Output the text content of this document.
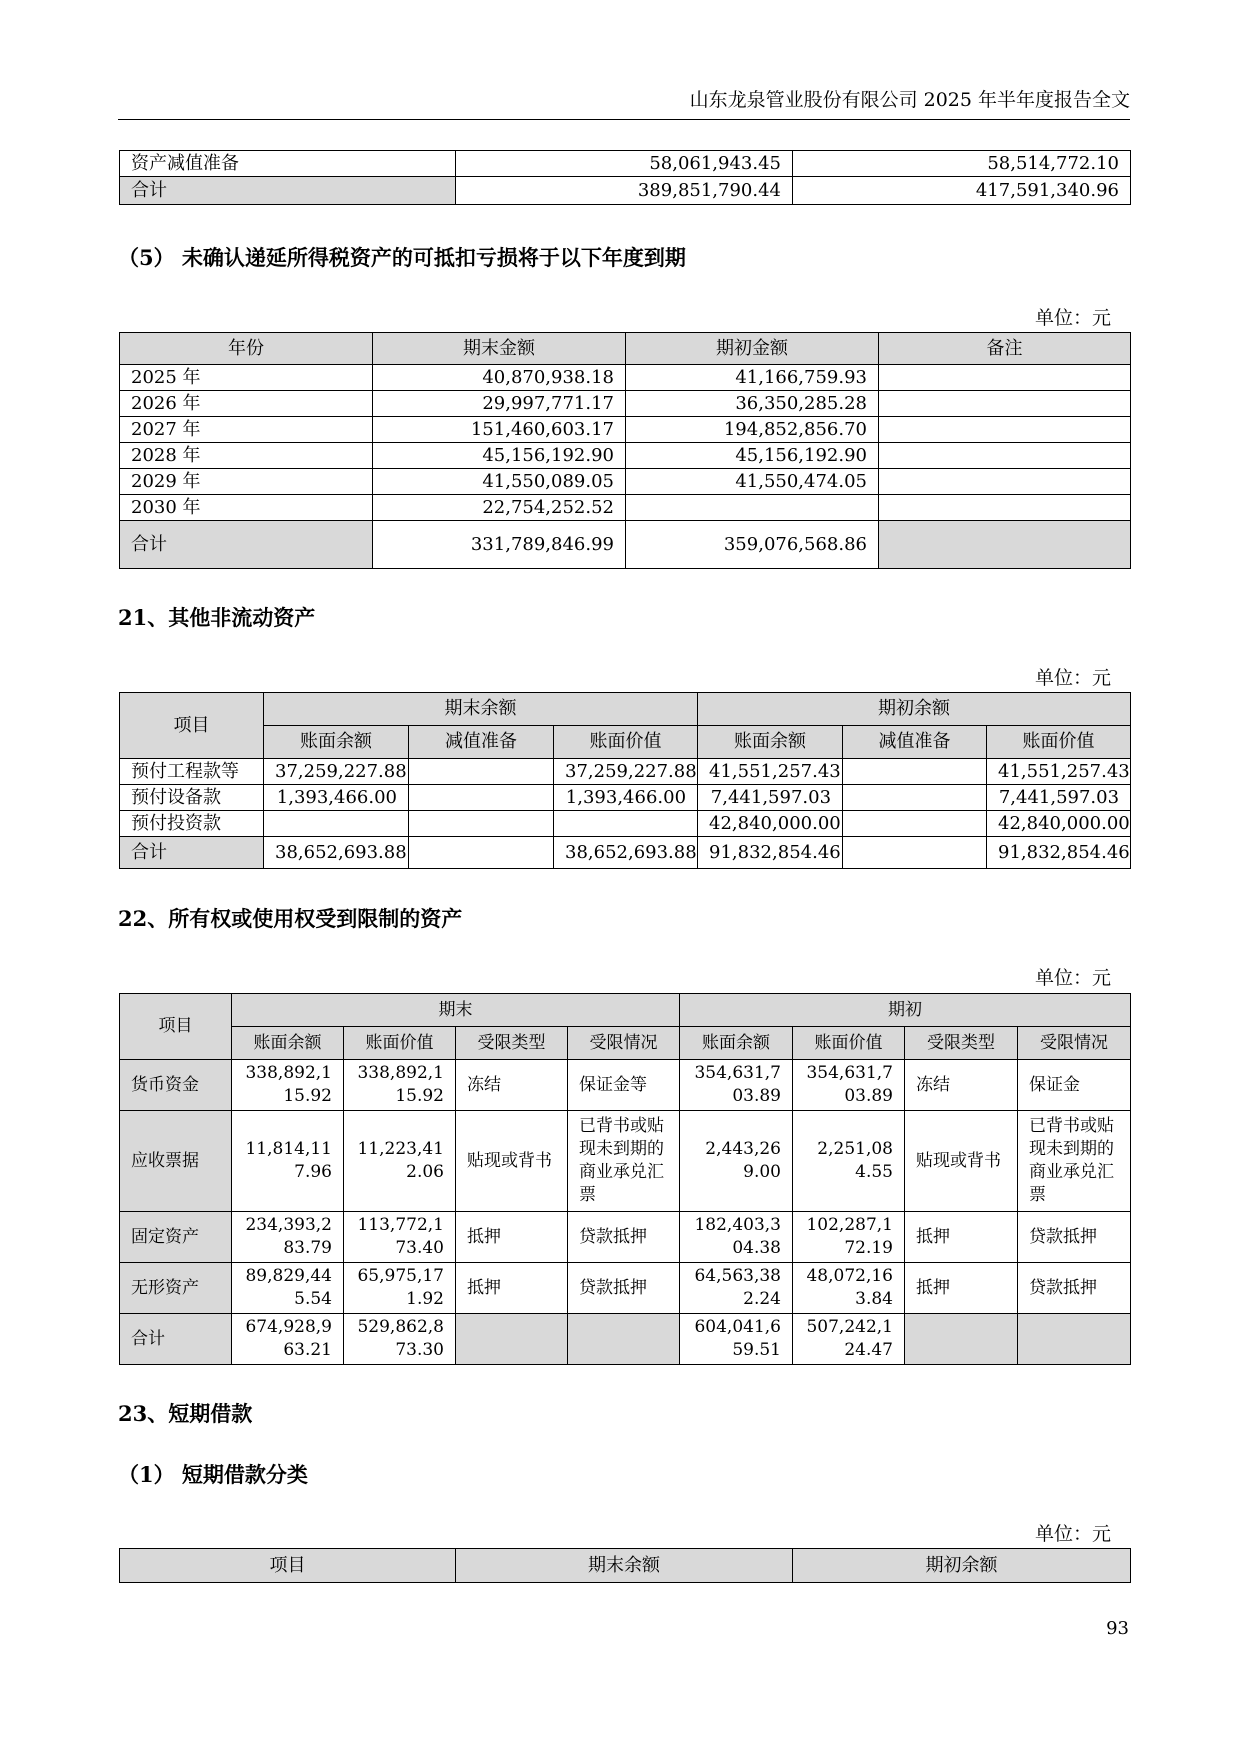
山东龙泉管业股份有限公司 2025 年半年度报告全文
资产减值准备	58,061,943.45	58,514,772.10
合计	389,851,790.44	417,591,340.96
（5） 未确认递延所得税资产的可抵扣亏损将于以下年度到期
单位：元
年份	期末金额	期初金额	备注
2025 年	40,870,938.18	41,166,759.93	
2026 年	29,997,771.17	36,350,285.28	
2027 年	151,460,603.17	194,852,856.70	
2028 年	45,156,192.90	45,156,192.90	
2029 年	41,550,089.05	41,550,474.05	
2030 年	22,754,252.52		
合计	331,789,846.99	359,076,568.86	
21、其他非流动资产
单位：元
项目	期末余额			期初余额		
	账面余额	减值准备	账面价值	账面余额	减值准备	账面价值
预付工程款等	37,259,227.88		37,259,227.88	41,551,257.43		41,551,257.43
预付设备款	1,393,466.00		1,393,466.00	7,441,597.03		7,441,597.03
预付投资款				42,840,000.00		42,840,000.00
合计	38,652,693.88		38,652,693.88	91,832,854.46		91,832,854.46
22、所有权或使用权受到限制的资产
单位：元
项目	期末				期初			
	账面余额	账面价值	受限类型	受限情况	账面余额	账面价值	受限类型	受限情况
货币资金	338,892,115.92	338,892,115.92	冻结	保证金等	354,631,703.89	354,631,703.89	冻结	保证金
应收票据	11,814,117.96	11,223,412.06	贴现或背书	已背书或贴现未到期的商业承兑汇票	2,443,269.00	2,251,084.55	贴现或背书	已背书或贴现未到期的商业承兑汇票
固定资产	234,393,283.79	113,772,173.40	抵押	贷款抵押	182,403,304.38	102,287,172.19	抵押	贷款抵押
无形资产	89,829,445.54	65,975,171.92	抵押	贷款抵押	64,563,382.24	48,072,163.84	抵押	贷款抵押
合计	674,928,963.21	529,862,873.30			604,041,659.51	507,242,124.47		
23、短期借款
（1） 短期借款分类
单位：元
项目	期末余额	期初余额
93
